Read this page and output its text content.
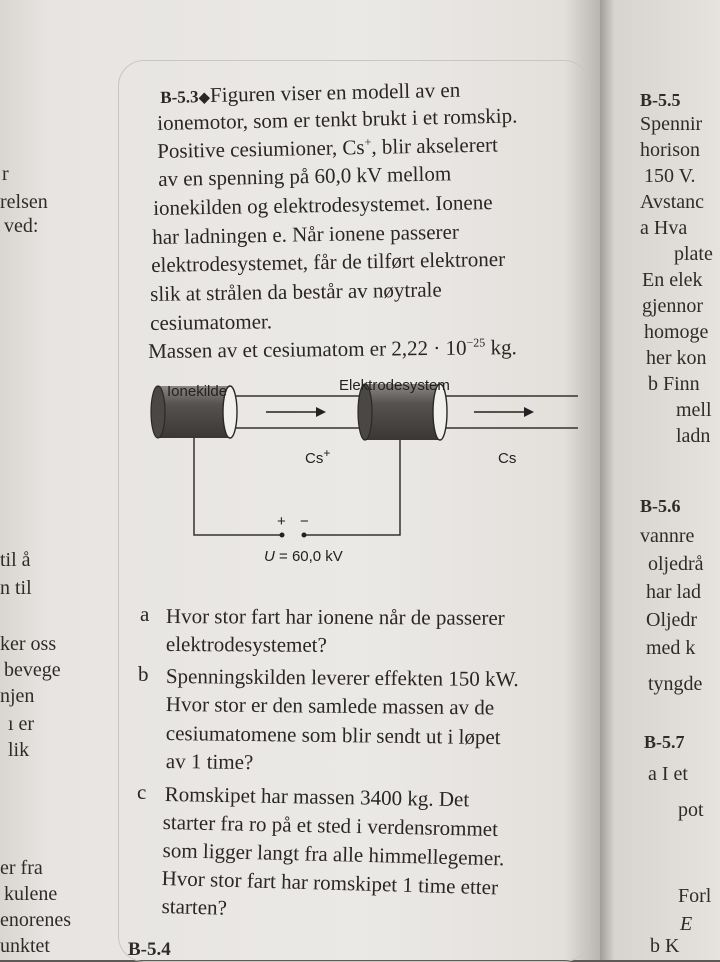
B-5.3◆Figuren viser en modell av en
ionemotor, som er tenkt brukt i et romskip.
Positive cesiumioner, Cs+, blir akselerert
av en spenning på 60,0 kV mellom
ionekilden og elektrodesystemet. Ionene
har ladningen e. Når ionene passerer
elektrodesystemet, får de tilført elektroner
slik at strålen da består av nøytrale
cesiumatomer.
Massen av et cesiumatom er $2,22 \cdot 10^{-25}$ kg.
Ionekilde	Elektrodesystem
Cs+	Cs
+ −
U = 60,0 kV
a Hvor stor fart har ionene når de passerer
elektrodesystemet?
b Spenningskilden leverer effekten 150 kW.
Hvor stor er den samlede massen av de
cesiumatomene som blir sendt ut i løpet
av 1 time?
c Romskipet har massen 3400 kg. Det
starter fra ro på et sted i verdensrommet
som ligger langt fra alle himmellegemer.
Hvor stor fart har romskipet 1 time etter
starten?
r
relsen
ved:
til å
n til
ker oss
bevege
njen
ı er
lik
er fra
kulene
enorenes
unktet	B-5.4
B-5.5
Spennir
horison
150 V.
Avstanc
a Hva
plate
En elek
gjennor
homoge
her kon
b Finn
mell
ladn
B-5.6
vannre
oljedrå
har lad
Oljedr
med k
tyngde
B-5.7
a I et
pot
Forl
E
b K
